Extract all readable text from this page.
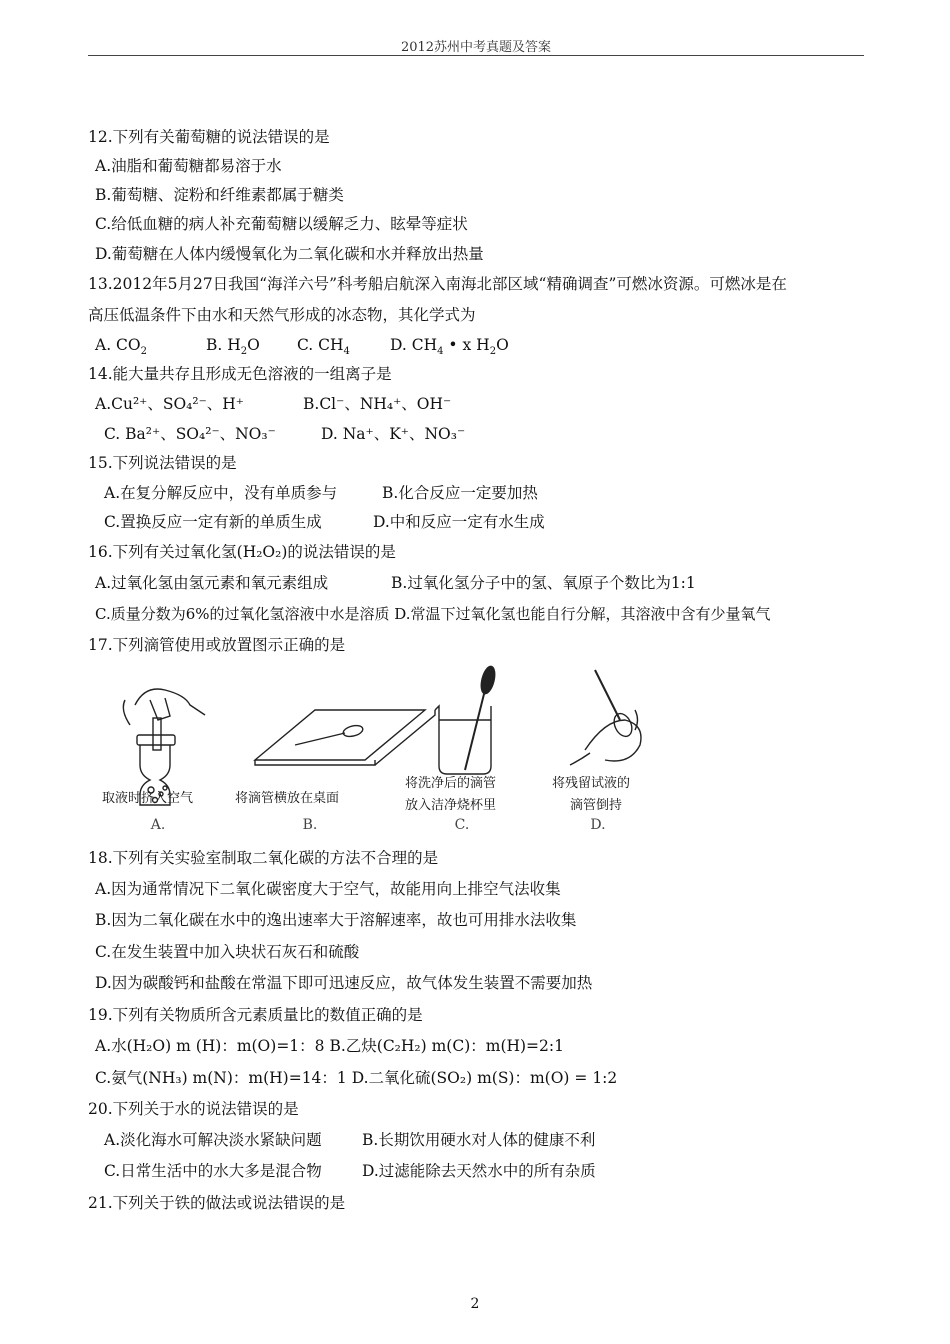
2012苏州中考真题及答案
12.下列有关葡萄糖的说法错误的是
A.油脂和葡萄糖都易溶于水
B.葡萄糖、淀粉和纤维素都属于糖类
C.给低血糖的病人补充葡萄糖以缓解乏力、眩晕等症状
D.葡萄糖在人体内缓慢氧化为二氧化碳和水并释放出热量
13.2012年5月27日我国“海洋六号”科考船启航深入南海北部区域“精确调查”可燃冰资源。可燃冰是在
高压低温条件下由水和天然气形成的冰态物，其化学式为
A. $CO_2$	B. $H_2O$ C. $CH_4$	D. $CH_4$ • x $H_2O$
14.能大量共存且形成无色溶液的一组离子是
A.Cu²⁺、SO₄²⁻、H⁺	B.Cl⁻、NH₄⁺、OH⁻
C. Ba²⁺、SO₄²⁻、NO₃⁻	D. Na⁺、K⁺、NO₃⁻
15.下列说法错误的是
A.在复分解反应中，没有单质参与	B.化合反应一定要加热
C.置换反应一定有新的单质生成	D.中和反应一定有水生成
16.下列有关过氧化氢(H₂O₂)的说法错误的是
A.过氧化氢由氢元素和氧元素组成	B.过氧化氢分子中的氢、氧原子个数比为1:1
C.质量分数为6%的过氧化氢溶液中水是溶质 D.常温下过氧化氢也能自行分解，其溶液中含有少量氧气
17.下列滴管使用或放置图示正确的是
取液时挤入空气	将滴管横放在桌面
将洗净后的滴管
放入洁净烧杯里
将残留试液的
滴管倒持
A.	B.	C.	D.
18.下列有关实验室制取二氧化碳的方法不合理的是
A.因为通常情况下二氧化碳密度大于空气，故能用向上排空气法收集
B.因为二氧化碳在水中的逸出速率大于溶解速率，故也可用排水法收集
C.在发生装置中加入块状石灰石和硫酸
D.因为碳酸钙和盐酸在常温下即可迅速反应，故气体发生装置不需要加热
19.下列有关物质所含元素质量比的数值正确的是
A.水(H₂O) m (H)：m(O)=1：8 B.乙炔(C₂H₂) m(C)：m(H)=2:1
C.氨气(NH₃) m(N)：m(H)=14：1 D.二氧化硫(SO₂) m(S)：m(O) = 1:2
20.下列关于水的说法错误的是
A.淡化海水可解决淡水紧缺问题	B.长期饮用硬水对人体的健康不利
C.日常生活中的水大多是混合物	D.过滤能除去天然水中的所有杂质
21.下列关于铁的做法或说法错误的是
2
